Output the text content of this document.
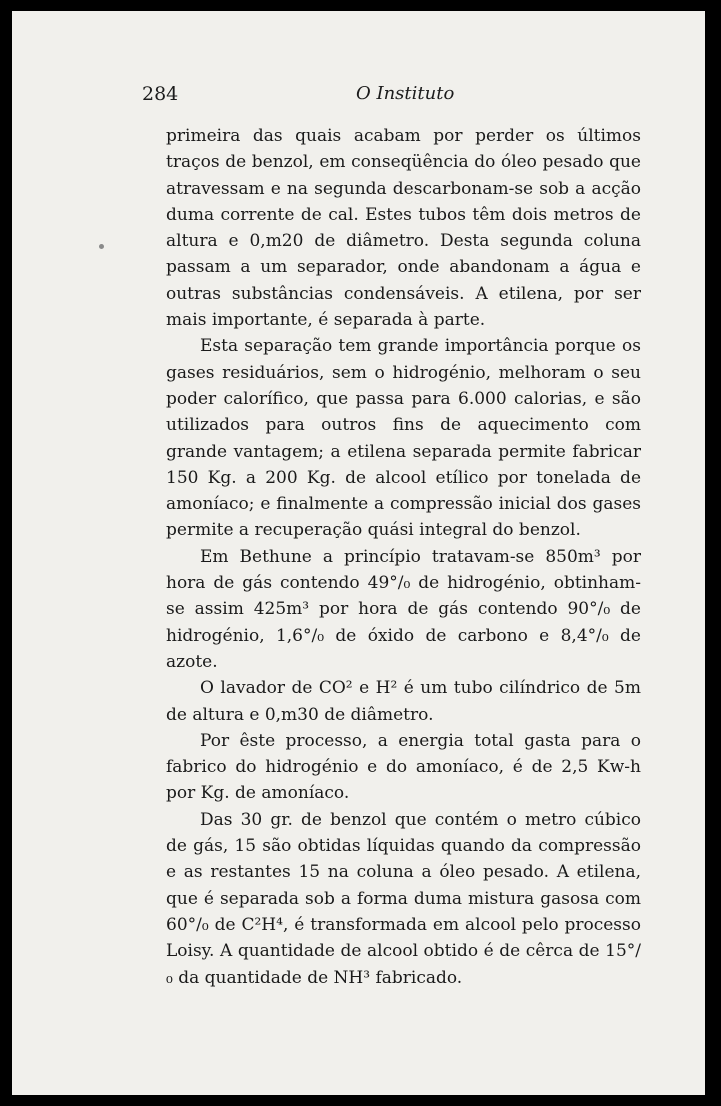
284	O Instituto

primeira das quais acabam por perder os últimos traços de benzol, em conseqüência do óleo pesado que atravessam e na segunda descarbonam-se sob a acção duma corrente de cal. Estes tubos têm dois metros de altura e 0,m20 de diâmetro. Desta segunda coluna passam a um separador, onde abandonam a água e outras substâncias condensáveis. A etilena, por ser mais importante, é separada à parte.

Esta separação tem grande importância porque os gases residuários, sem o hidrogénio, melhoram o seu poder calorífico, que passa para 6.000 calorias, e são utilizados para outros fins de aquecimento com grande vantagem; a etilena separada permite fabricar 150 Kg. a 200 Kg. de alcool etílico por tonelada de amoníaco; e finalmente a compressão inicial dos gases permite a recuperação quási integral do benzol.

Em Bethune a princípio tratavam-se 850m³ por hora de gás contendo 49°/₀ de hidrogénio, obtinham-se assim 425m³ por hora de gás contendo 90°/₀ de hidrogénio, 1,6°/₀ de óxido de carbono e 8,4°/₀ de azote.

O lavador de CO² e H² é um tubo cilíndrico de 5m de altura e 0,m30 de diâmetro.

Por êste processo, a energia total gasta para o fabrico do hidrogénio e do amoníaco, é de 2,5 Kw-h por Kg. de amoníaco.

Das 30 gr. de benzol que contém o metro cúbico de gás, 15 são obtidas líquidas quando da compressão e as restantes 15 na coluna a óleo pesado. A etilena, que é separada sob a forma duma mistura gasosa com 60°/₀ de C²H⁴, é transformada em alcool pelo processo Loisy. A quantidade de alcool obtido é de cêrca de 15°/₀ da quantidade de NH³ fabricado.
